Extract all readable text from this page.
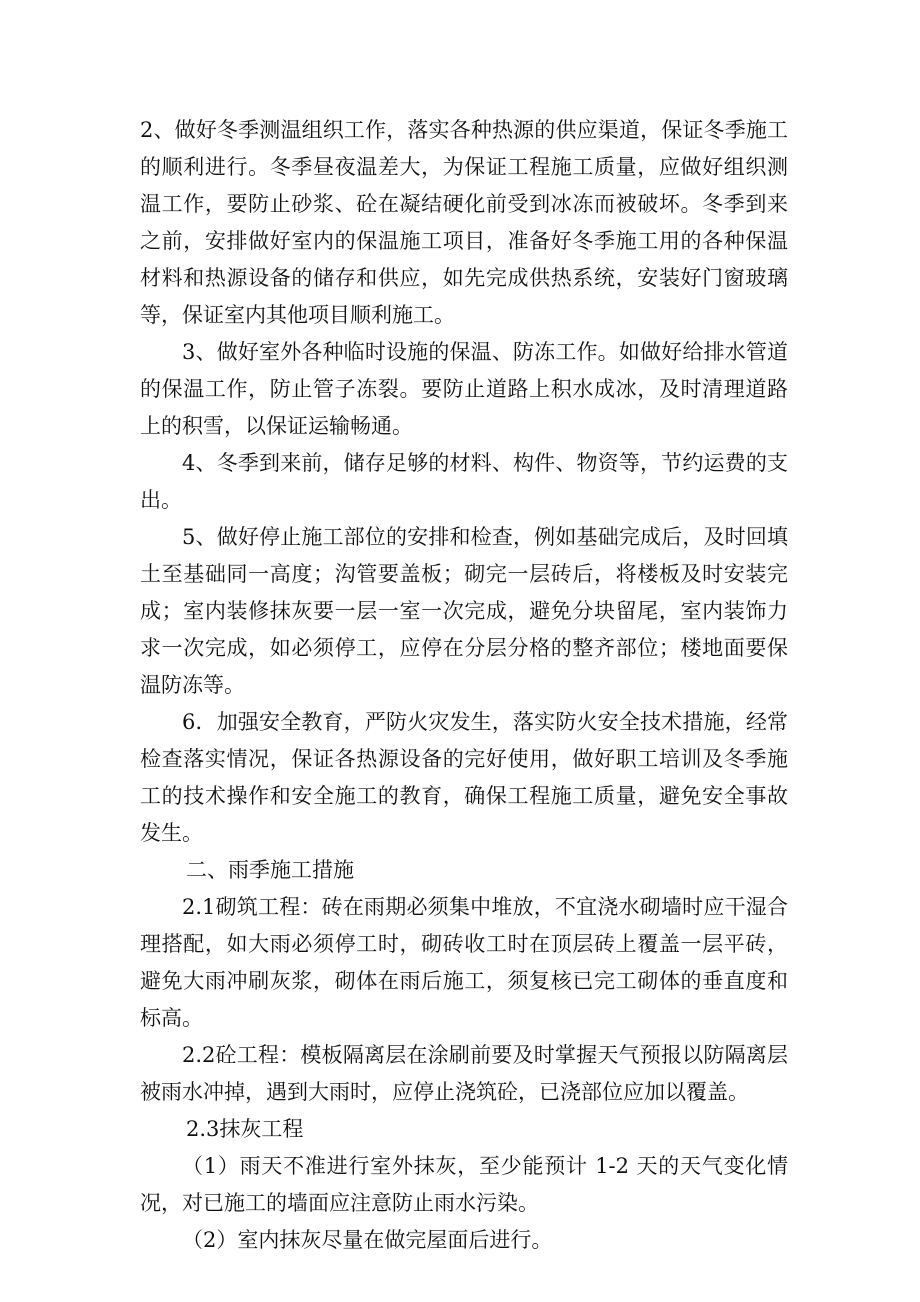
2、做好冬季测温组织工作，落实各种热源的供应渠道，保证冬季施工的顺利进行。冬季昼夜温差大，为保证工程施工质量，应做好组织测温工作，要防止砂浆、砼在凝结硬化前受到冰冻而被破坏。冬季到来之前，安排做好室内的保温施工项目，准备好冬季施工用的各种保温材料和热源设备的储存和供应，如先完成供热系统，安装好门窗玻璃等，保证室内其他项目顺利施工。

3、做好室外各种临时设施的保温、防冻工作。如做好给排水管道的保温工作，防止管子冻裂。要防止道路上积水成冰，及时清理道路上的积雪，以保证运输畅通。

4、冬季到来前，储存足够的材料、构件、物资等，节约运费的支出。

5、做好停止施工部位的安排和检查，例如基础完成后，及时回填土至基础同一高度；沟管要盖板；砌完一层砖后，将楼板及时安装完成；室内装修抹灰要一层一室一次完成，避免分块留尾，室内装饰力求一次完成，如必须停工，应停在分层分格的整齐部位；楼地面要保温防冻等。

6．加强安全教育，严防火灾发生，落实防火安全技术措施，经常检查落实情况，保证各热源设备的完好使用，做好职工培训及冬季施工的技术操作和安全施工的教育，确保工程施工质量，避免安全事故发生。

二、雨季施工措施

2.1砌筑工程：砖在雨期必须集中堆放，不宜浇水砌墙时应干湿合理搭配，如大雨必须停工时，砌砖收工时在顶层砖上覆盖一层平砖，避免大雨冲刷灰浆，砌体在雨后施工，须复核已完工砌体的垂直度和标高。

2.2砼工程：模板隔离层在涂刷前要及时掌握天气预报以防隔离层被雨水冲掉，遇到大雨时，应停止浇筑砼，已浇部位应加以覆盖。

2.3抹灰工程

（1）雨天不准进行室外抹灰，至少能预计 1-2 天的天气变化情况，对已施工的墙面应注意防止雨水污染。

（2）室内抹灰尽量在做完屋面后进行。
